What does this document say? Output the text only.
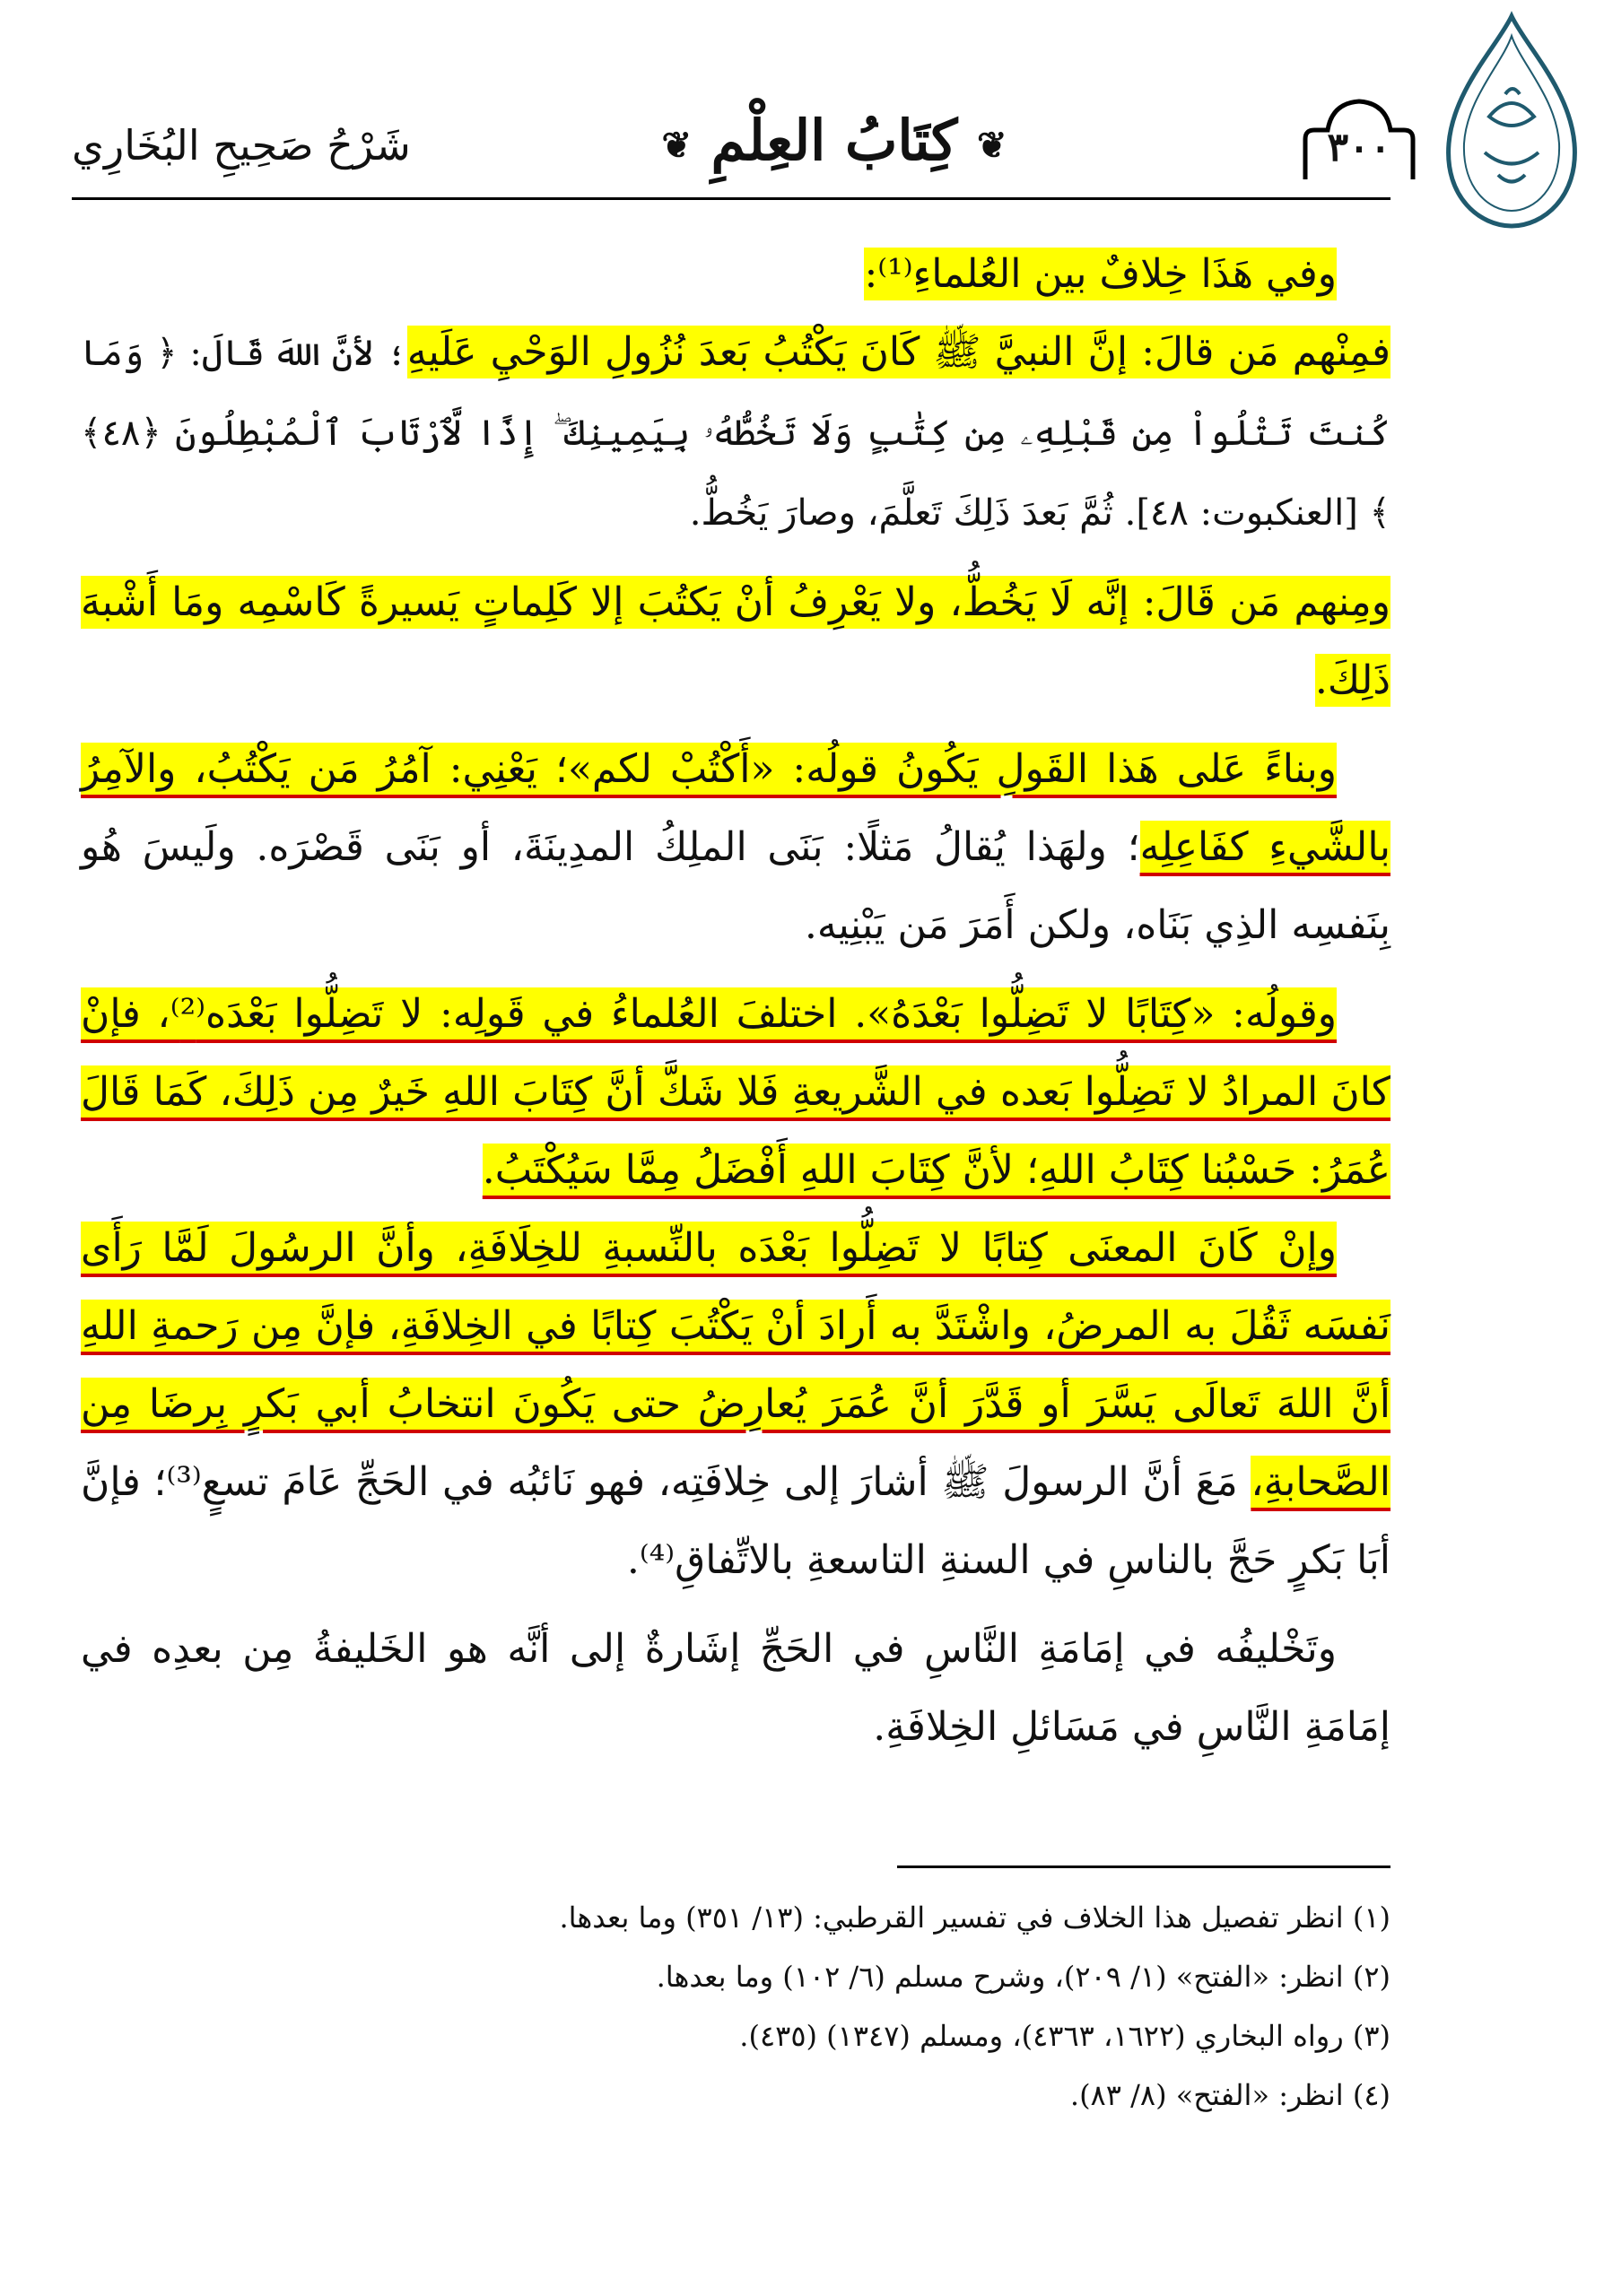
شَرْحُ صَحِيحِ البُخَارِي	❦ كِتَابُ العِلْمِ ❦	٣٠٠

وفي هَذَا خِلافٌ بين العُلماءِ⁽¹⁾:

فمِنْهم مَن قالَ: إنَّ النبيَّ ﷺ كَانَ يَكْتُبُ بَعدَ نُزُولِ الوَحْيِ عَلَيهِ؛ لأنَّ اللهَ قَالَ: ﴿ وَمَا كُنتَ تَتْلُواْ مِن قَبْلِهِۦ مِن كِتَٰبٍ وَلَا تَخُطُّهُۥ بِيَمِينِكَ ۖ إِذًا لَّٱرْتَابَ ٱلْمُبْطِلُونَ ﴿٤٨﴾ ﴾ [العنكبوت: ٤٨]. ثُمَّ بَعدَ ذَلِكَ تَعلَّمَ، وصارَ يَخُطُّ.

ومِنهم مَن قَالَ: إنَّه لَا يَخُطُّ، ولا يَعْرِفُ أنْ يَكتُبَ إلا كَلِماتٍ يَسيرةً كَاسْمِه ومَا أَشْبهَ ذَلِكَ.

وبناءً عَلى هَذا القَولِ يَكُونُ قولُه: «أَكْتُبْ لكم»؛ يَعْنِي: آمُرُ مَن يَكْتُبُ، والآمِرُ بالشَّيءِ كفَاعِلِه؛ ولهَذا يُقالُ مَثلًا: بَنَى الملِكُ المدِينَةَ، أو بَنَى قَصْرَه. ولَيسَ هُو بِنَفسِه الذِي بَنَاه، ولكن أَمَرَ مَن يَبْنِيه.

وقولُه: «كِتَابًا لا تَضِلُّوا بَعْدَهُ». اختلفَ العُلماءُ في قَولِه: لا تَضِلُّوا بَعْدَه⁽²⁾، فإنْ كانَ المرادُ لا تَضِلُّوا بَعده في الشَّريعةِ فَلا شَكَّ أنَّ كِتَابَ اللهِ خَيرٌ مِن ذَلِكَ، كَمَا قَالَ عُمَرُ: حَسْبُنا كِتَابُ اللهِ؛ لأنَّ كِتَابَ اللهِ أَفْضَلُ مِمَّا سَيُكْتَبُ.

وإنْ كَانَ المعنَى كِتابًا لا تَضِلُّوا بَعْدَه بالنِّسبةِ للخِلَافَةِ، وأنَّ الرسُولَ لَمَّا رَأَى نَفسَه ثَقُلَ به المرضُ، واشْتَدَّ به أَرادَ أنْ يَكْتُبَ كِتابًا في الخِلافَةِ، فإنَّ مِن رَحمةِ اللهِ أنَّ اللهَ تَعالَى يَسَّرَ أو قَدَّرَ أنَّ عُمَرَ يُعارِضُ حتى يَكُونَ انتخابُ أبي بَكرٍ بِرضَا مِن الصَّحابةِ، مَعَ أنَّ الرسولَ ﷺ أشارَ إلى خِلافَتِه، فهو نَائبُه في الحَجِّ عَامَ تسعٍ⁽³⁾؛ فإنَّ أبَا بَكرٍ حَجَّ بالناسِ في السنةِ التاسعةِ بالاتِّفاقِ⁽⁴⁾.

وتَخْليفُه في إمَامَةِ النَّاسِ في الحَجِّ إشَارةٌ إلى أنَّه هو الخَليفةُ مِن بعدِه في إمَامَةِ النَّاسِ في مَسَائلِ الخِلافَةِ.

(١) انظر تفصيل هذا الخلاف في تفسير القرطبي: (١٣/ ٣٥١) وما بعدها.

(٢) انظر: «الفتح» (١/ ٢٠٩)، وشرح مسلم (٦/ ١٠٢) وما بعدها.

(٣) رواه البخاري (١٦٢٢، ٤٣٦٣)، ومسلم (١٣٤٧) (٤٣٥).

(٤) انظر: «الفتح» (٨/ ٨٣).
